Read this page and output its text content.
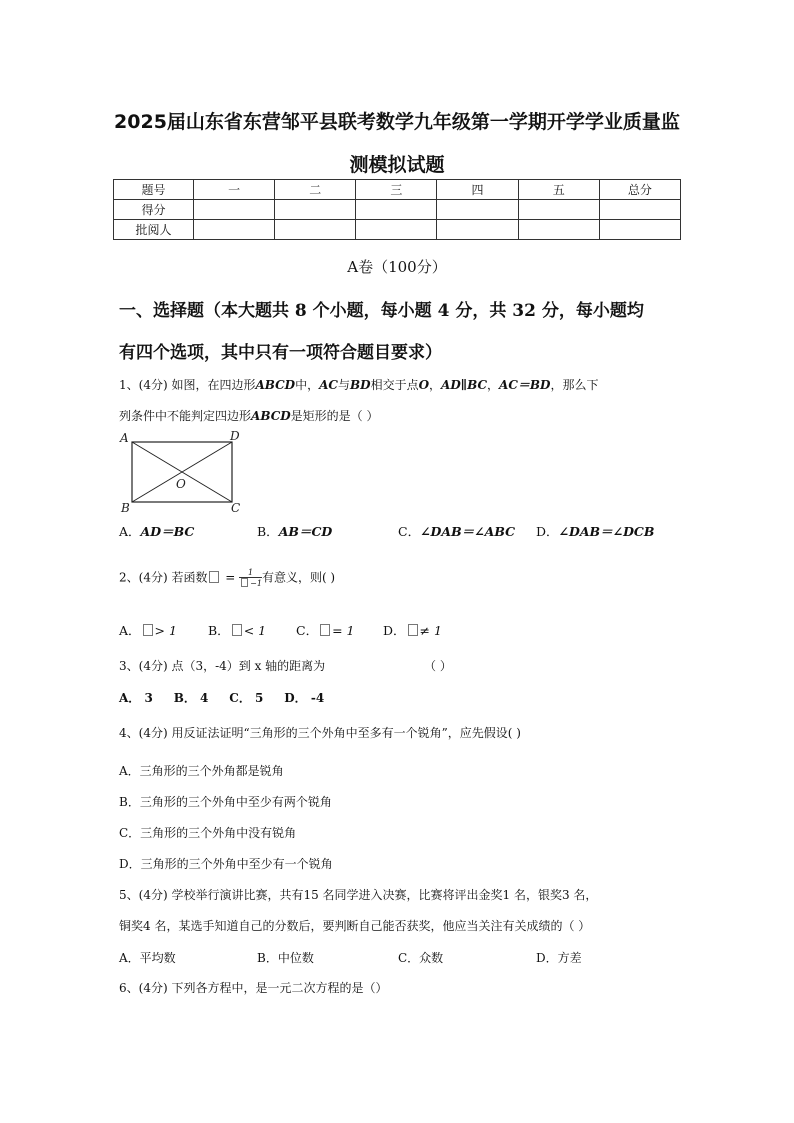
2025届山东省东营邹平县联考数学九年级第一学期开学学业质量监
测模拟试题
题号	一	二	三	四	五	总分
得分						
批阅人						
A卷（100分）
一、选择题（本大题共 8 个小题，每小题 4 分，共 32 分，每小题均
有四个选项，其中只有一项符合题目要求）
1、(4分) 如图，在四边形ABCD中，AC与BD相交于点O，AD∥BC，AC＝BD，那么下
列条件中不能判定四边形ABCD是矩形的是（ ）
A	D
B	C
O
A．AD＝BC	B．AB＝CD	C．∠DAB＝∠ABC D．∠DAB＝∠DCB
2、(4分) 若函数 = $\frac{1}{-1}$ 有意义，则( )
A． > 1 B． < 1 C． = 1 D． ≠ 1
3、(4分) 点（3，-4）到 x 轴的距离为	（ ）
A． 3     B． 4     C． 5     D． -4
4、(4分) 用反证法证明“三角形的三个外角中至多有一个锐角”，应先假设( )
A．三角形的三个外角都是锐角
B．三角形的三个外角中至少有两个锐角
C．三角形的三个外角中没有锐角
D．三角形的三个外角中至少有一个锐角
5、(4分) 学校举行演讲比赛，共有15 名同学进入决赛，比赛将评出金奖1 名，银奖3 名，
铜奖4 名，某选手知道自己的分数后，要判断自己能否获奖，他应当关注有关成绩的（ ）
A．平均数	B．中位数	C．众数	D．方差
6、(4分) 下列各方程中，是一元二次方程的是（）
